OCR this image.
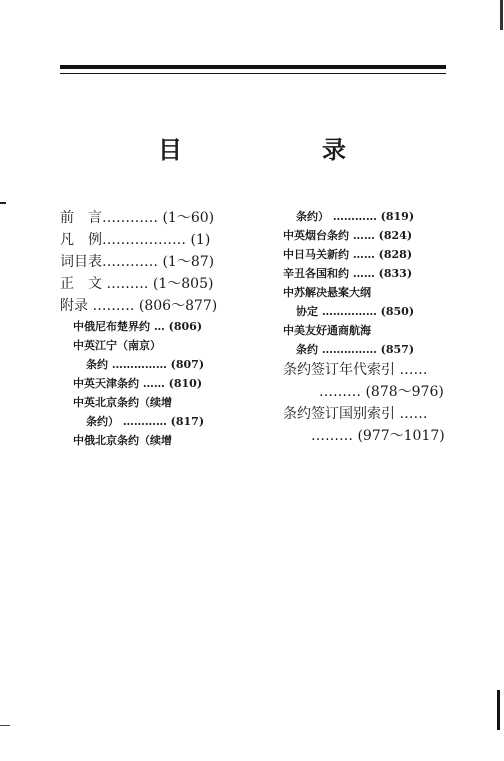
目　录
前　言………… (1～60)
凡　例……………… (1)
词目表………… (1～87)
正　文 ……… (1～805)
附录 ……… (806～877)
中俄尼布楚界约 … (806)
中英江宁（南京）
条约 …………… (807)
中英天津条约 …… (810)
中英北京条约（续增
条约） ………… (817)
中俄北京条约（续增
条约） ………… (819)
中英烟台条约 …… (824)
中日马关新约 …… (828)
辛丑各国和约 …… (833)
中苏解决悬案大纲
协定 …………… (850)
中美友好通商航海
条约 …………… (857)
条约签订年代索引 ……
……… (878～976)
条约签订国别索引 ……
……… (977～1017)
